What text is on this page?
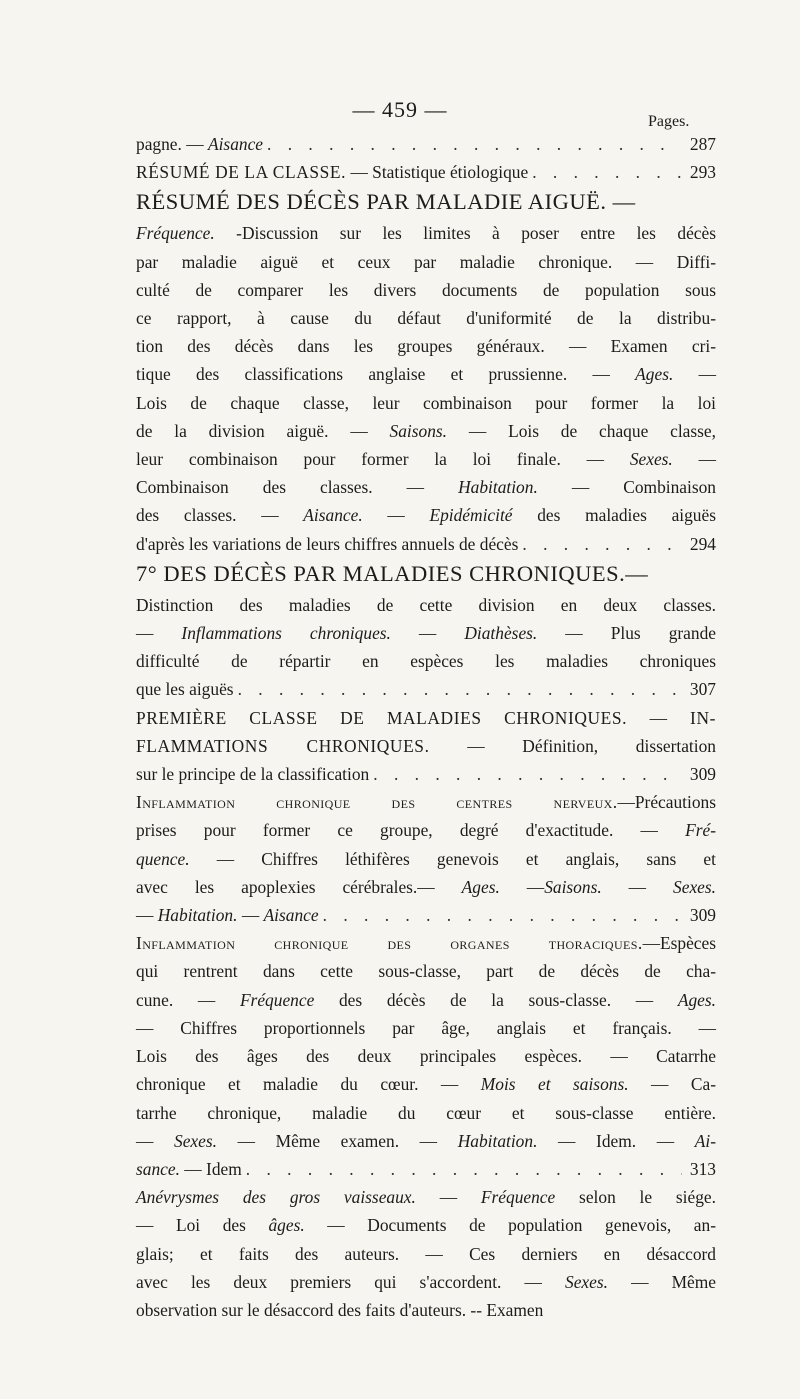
— 459 —	Pages.
pagne. — Aisance . . .	287
RÉSUMÉ DE LA CLASSE. — Statistique étiologique . . .	293
RÉSUMÉ DES DÉCÈS PAR MALADIE AIGUË. —
Fréquence. -Discussion sur les limites à poser entre les décès
par maladie aiguë et ceux par maladie chronique. — Diffi-
culté de comparer les divers documents de population sous
ce rapport, à cause du défaut d'uniformité de la distribu-
tion des décès dans les groupes généraux. — Examen cri-
tique des classifications anglaise et prussienne. — Ages. —
Lois de chaque classe, leur combinaison pour former la loi
de la division aiguë. — Saisons. — Lois de chaque classe,
leur combinaison pour former la loi finale. — Sexes. —
Combinaison des classes. — Habitation. — Combinaison
des classes. — Aisance. — Epidémicité des maladies aiguës
d'après les variations de leurs chiffres annuels de décès . . .	294
7° DES DÉCÈS PAR MALADIES CHRONIQUES.—
Distinction des maladies de cette division en deux classes.
— Inflammations chroniques. — Diathèses. — Plus grande
difficulté de répartir en espèces les maladies chroniques
que les aiguës . . .	307
PREMIÈRE CLASSE DE MALADIES CHRONIQUES. — IN-
FLAMMATIONS CHRONIQUES. — Définition, dissertation
sur le principe de la classification . . .	309
Inflammation chronique des centres nerveux.—Précautions
prises pour former ce groupe, degré d'exactitude. — Fré-
quence. — Chiffres léthifères genevois et anglais, sans et
avec les apoplexies cérébrales.— Ages. —Saisons. — Sexes.
— Habitation. — Aisance . . .	309
Inflammation chronique des organes thoraciques.—Espèces
qui rentrent dans cette sous-classe, part de décès de cha-
cune. — Fréquence des décès de la sous-classe. — Ages.
— Chiffres proportionnels par âge, anglais et français. —
Lois des âges des deux principales espèces. — Catarrhe
chronique et maladie du cœur. — Mois et saisons. — Ca-
tarrhe chronique, maladie du cœur et sous-classe entière.
— Sexes. — Même examen. — Habitation. — Idem. — Ai-
sance. — Idem . . .	313
Anévrysmes des gros vaisseaux. — Fréquence selon le siége.
— Loi des âges. — Documents de population genevois, an-
glais; et faits des auteurs. — Ces derniers en désaccord
avec les deux premiers qui s'accordent. — Sexes. — Même
observation sur le désaccord des faits d'auteurs. -- Examen
